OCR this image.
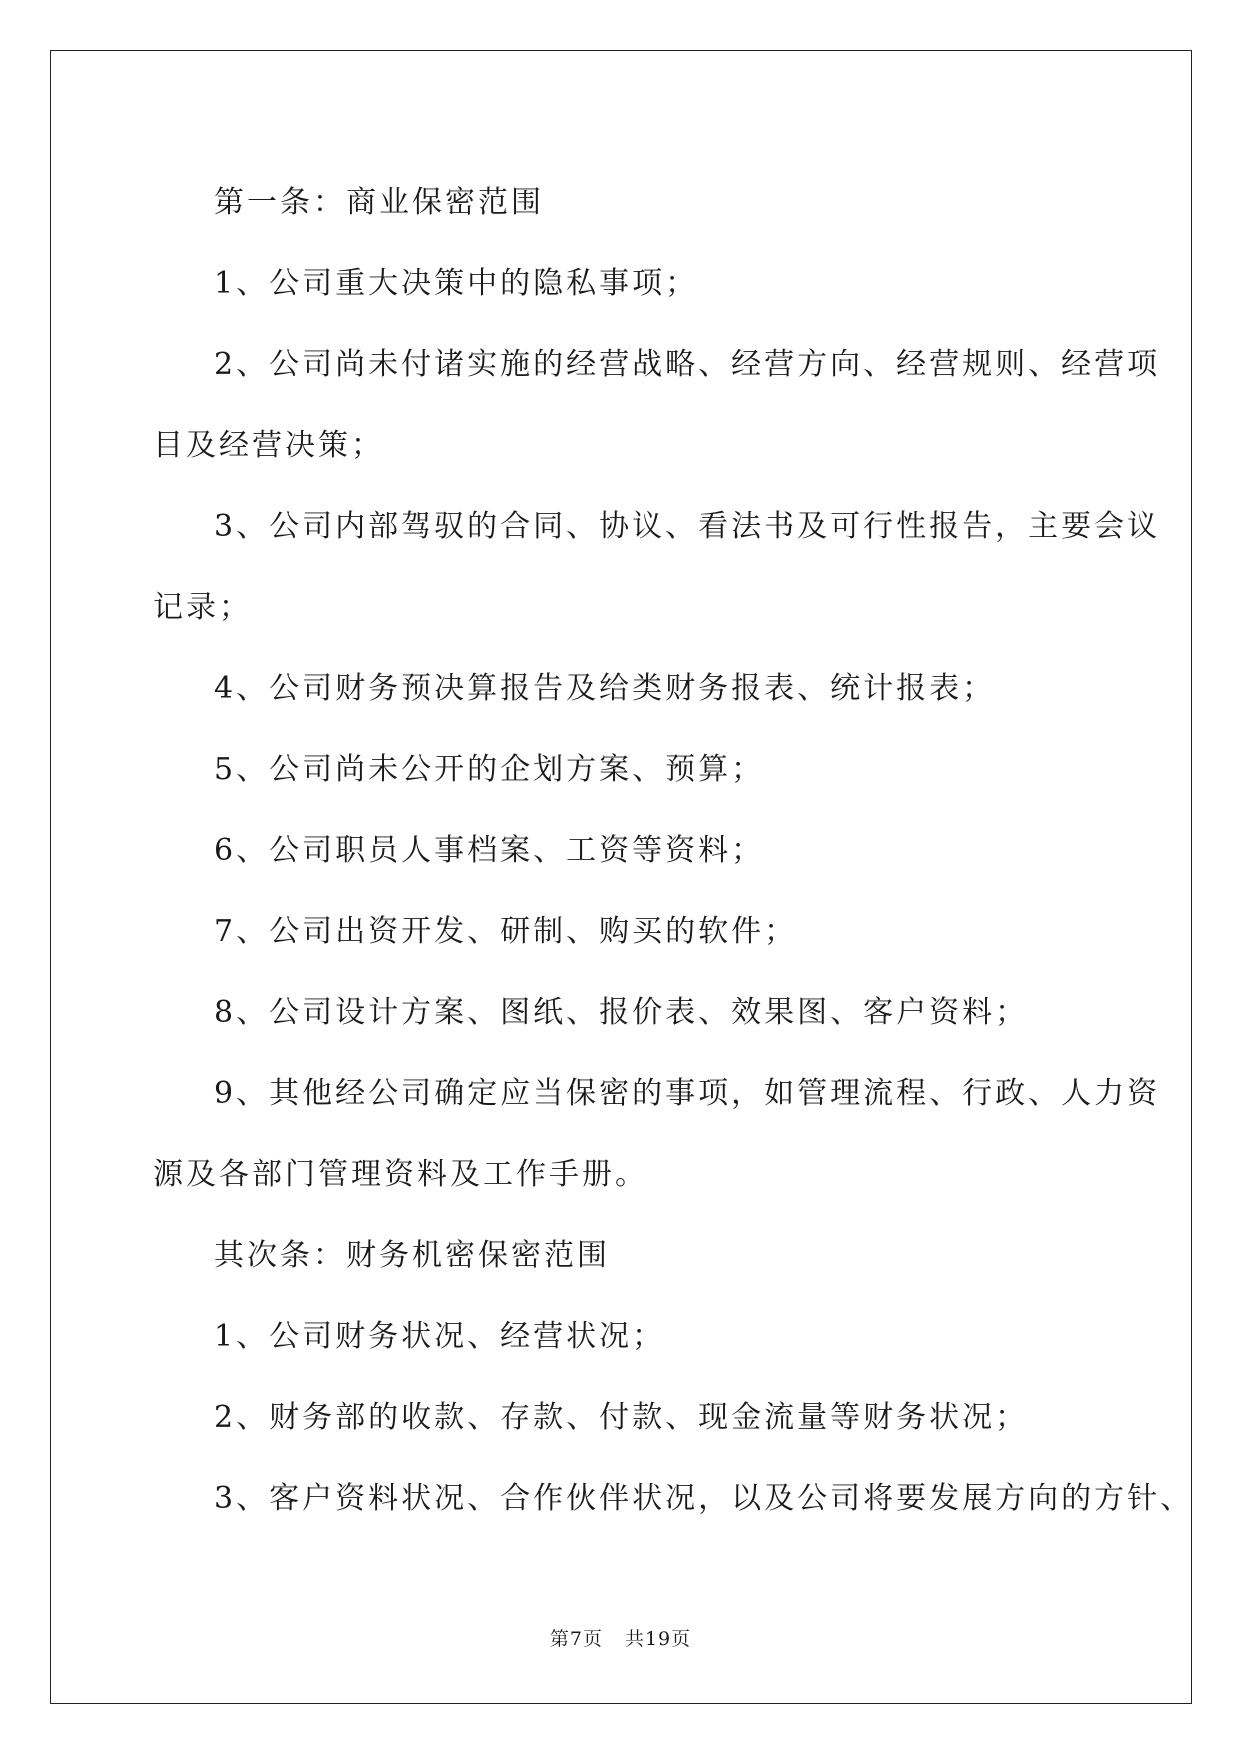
第一条：商业保密范围
1、公司重大决策中的隐私事项；
2、公司尚未付诸实施的经营战略、经营方向、经营规则、经营项
目及经营决策；
3、公司内部驾驭的合同、协议、看法书及可行性报告，主要会议
记录；
4、公司财务预决算报告及给类财务报表、统计报表；
5、公司尚未公开的企划方案、预算；
6、公司职员人事档案、工资等资料；
7、公司出资开发、研制、购买的软件；
8、公司设计方案、图纸、报价表、效果图、客户资料；
9、其他经公司确定应当保密的事项，如管理流程、行政、人力资
源及各部门管理资料及工作手册。
其次条：财务机密保密范围
1、公司财务状况、经营状况；
2、财务部的收款、存款、付款、现金流量等财务状况；
3、客户资料状况、合作伙伴状况，以及公司将要发展方向的方针、
第7页 共19页
